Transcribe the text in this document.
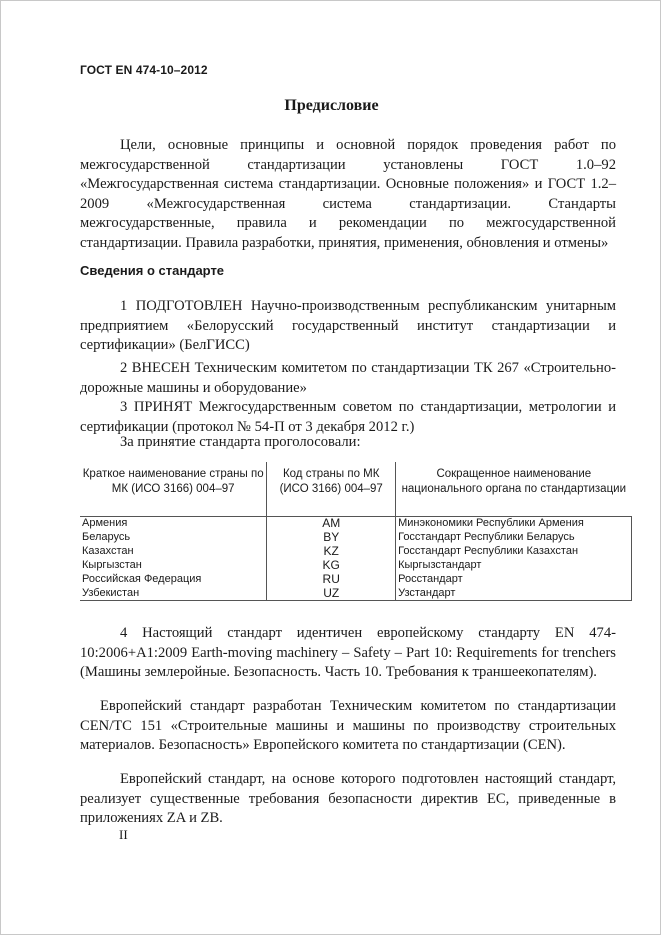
ГОСТ EN 474-10–2012
Предисловие

Цели, основные принципы и основной порядок проведения работ по межгосударственной стандартизации установлены ГОСТ 1.0–92 «Межгосударственная система стандартизации. Основные положения» и ГОСТ 1.2–2009 «Межгосударственная система стандартизации. Стандарты межгосударственные, правила и рекомендации по межгосударственной стандартизации. Правила разработки, принятия, применения, обновления и отмены»

Сведения о стандарте

1 ПОДГОТОВЛЕН Научно-производственным республиканским унитарным предприятием «Белорусский государственный институт стандартизации и сертификации» (БелГИСС)

2 ВНЕСЕН Техническим комитетом по стандартизации ТК 267 «Строительно-дорожные машины и оборудование»

3 ПРИНЯТ Межгосударственным советом по стандартизации, метрологии и сертификации (протокол № 54-П от 3 декабря 2012 г.)

За принятие стандарта проголосовали:

Краткое наименование страны по МК (ИСО 3166) 004–97	Код страны по МК (ИСО 3166) 004–97	Сокращенное наименование национального органа по стандартизации
Армения	AM	Минэкономики Республики Армения
Беларусь	BY	Госстандарт Республики Беларусь
Казахстан	KZ	Госстандарт Республики Казахстан
Кыргызстан	KG	Кыргызстандарт
Российская Федерация	RU	Росстандарт
Узбекистан	UZ	Узстандарт

4 Настоящий стандарт идентичен европейскому стандарту EN 474-10:2006+A1:2009 Earth-moving machinery – Safety – Part 10: Requirements for trenchers (Машины землеройные. Безопасность. Часть 10. Требования к траншеекопателям).

Европейский стандарт разработан Техническим комитетом по стандартизации CEN/TC 151 «Строительные машины и машины по производству строительных материалов. Безопасность» Европейского комитета по стандартизации (CEN).

Европейский стандарт, на основе которого подготовлен настоящий стандарт, реализует существенные требования безопасности директив ЕС, приведенные в приложениях ZA и ZB.

II
